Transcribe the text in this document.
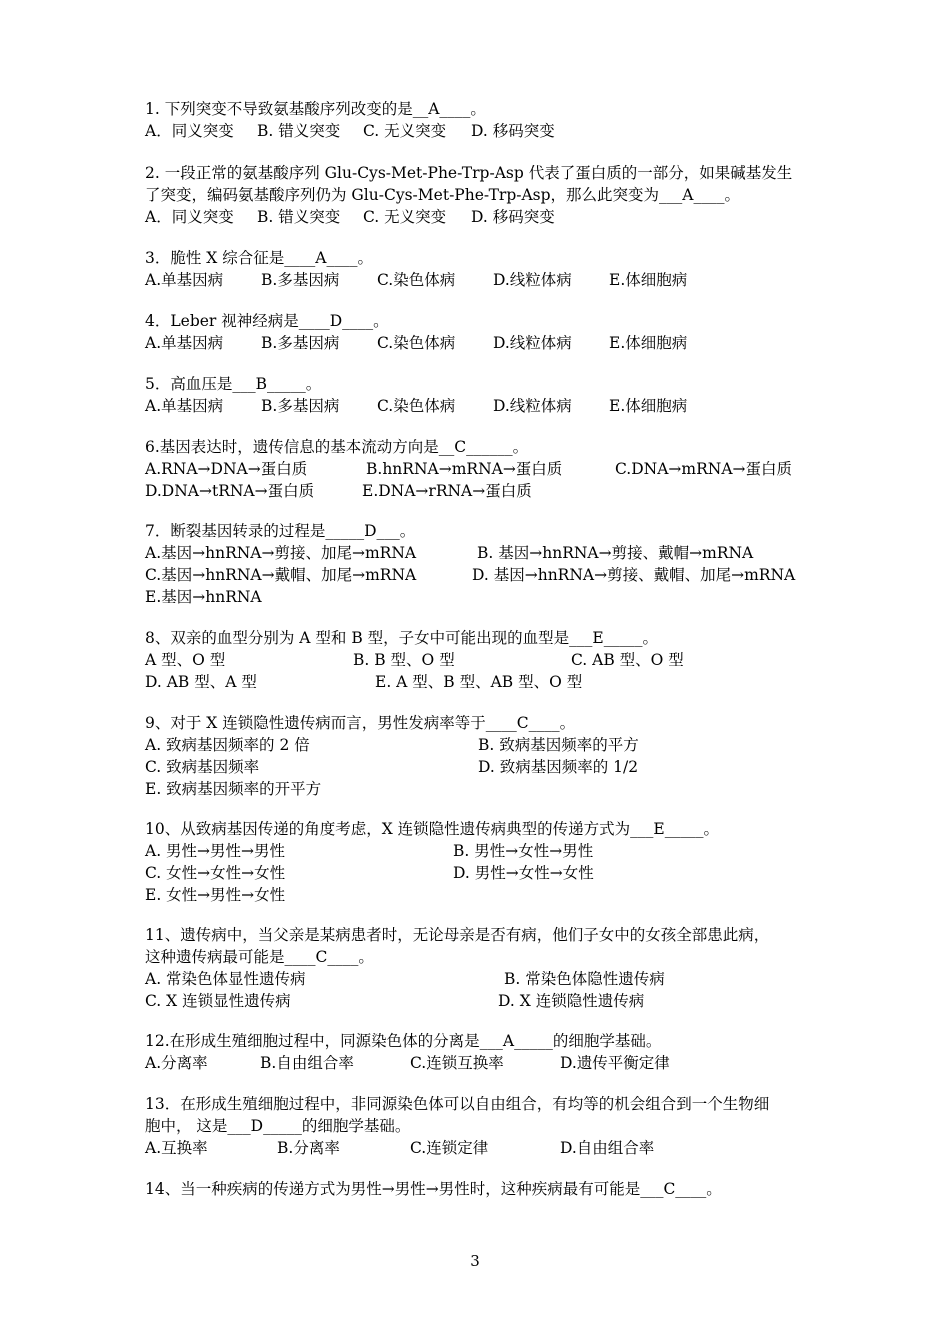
1. 下列突变不导致氨基酸序列改变的是__A____。
A．同义突变 B. 错义突变 C. 无义突变 D. 移码突变
2. 一段正常的氨基酸序列 Glu-Cys-Met-Phe-Trp-Asp 代表了蛋白质的一部分，如果碱基发生
了突变，编码氨基酸序列仍为 Glu-Cys-Met-Phe-Trp-Asp，那么此突变为___A____。
A．同义突变 B. 错义突变 C. 无义突变 D. 移码突变
3．脆性 X 综合征是____A____。
A.单基因病 B.多基因病 C.染色体病 D.线粒体病 E.体细胞病
4．Leber 视神经病是____D____。
A.单基因病 B.多基因病 C.染色体病 D.线粒体病 E.体细胞病
5．高血压是___B_____。
A.单基因病 B.多基因病 C.染色体病 D.线粒体病 E.体细胞病
6.基因表达时，遗传信息的基本流动方向是__C______。
A.RNA→DNA→蛋白质	B.hnRNA→mRNA→蛋白质	C.DNA→mRNA→蛋白质
D.DNA→tRNA→蛋白质	E.DNA→rRNA→蛋白质
7．断裂基因转录的过程是_____D___。
A.基因→hnRNA→剪接、加尾→mRNA	B. 基因→hnRNA→剪接、戴帽→mRNA
C.基因→hnRNA→戴帽、加尾→mRNA	D. 基因→hnRNA→剪接、戴帽、加尾→mRNA
E.基因→hnRNA
8、双亲的血型分别为 A 型和 B 型，子女中可能出现的血型是___E_____。
A 型、O 型	B. B 型、O 型	C. AB 型、O 型
D. AB 型、A 型	E. A 型、B 型、AB 型、O 型
9、对于 X 连锁隐性遗传病而言，男性发病率等于____C____。
A. 致病基因频率的 2 倍	B. 致病基因频率的平方
C. 致病基因频率	D. 致病基因频率的 1/2
E. 致病基因频率的开平方
10、从致病基因传递的角度考虑，X 连锁隐性遗传病典型的传递方式为___E_____。
A. 男性→男性→男性	B. 男性→女性→男性
C. 女性→女性→女性	D. 男性→女性→女性
E. 女性→男性→女性
11、遗传病中，当父亲是某病患者时，无论母亲是否有病，他们子女中的女孩全部患此病，
这种遗传病最可能是____C____。
A. 常染色体显性遗传病	B. 常染色体隐性遗传病
C. X 连锁显性遗传病	D. X 连锁隐性遗传病
12.在形成生殖细胞过程中，同源染色体的分离是___A_____的细胞学基础。
A.分离率	B.自由组合率	C.连锁互换率	D.遗传平衡定律
13．在形成生殖细胞过程中，非同源染色体可以自由组合，有均等的机会组合到一个生物细
胞中， 这是___D_____的细胞学基础。
A.互换率	B.分离率	C.连锁定律	D.自由组合率
14、当一种疾病的传递方式为男性→男性→男性时，这种疾病最有可能是___C____。
3
